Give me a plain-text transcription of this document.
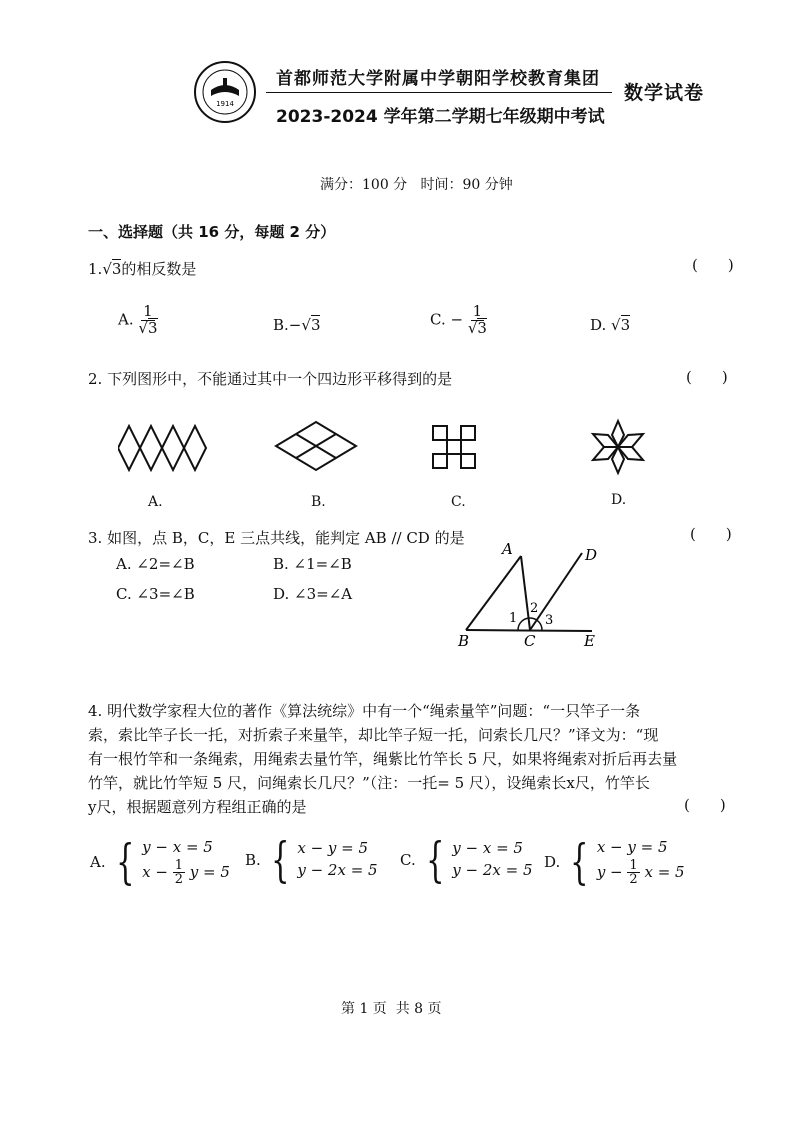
1914
首都师范大学附属中学朝阳学校教育集团
数学试卷
2023-2024 学年第二学期七年级期中考试
满分：100 分   时间：90 分钟
一、选择题（共 16 分，每题 2 分）
1.√3的相反数是	(　　)
A. $\frac{1}{√3}$	B.−√3	C. − $\frac{1}{√3}$	D. √3
2. 下列图形中，不能通过其中一个四边形平移得到的是	(　　)
A.	B.	C.	D.
3. 如图，点 B，C，E 三点共线，能判定 AB // CD 的是	(　　)
A. ∠2=∠B	B. ∠1=∠B
C. ∠3=∠B	D. ∠3=∠A
A
B	C
D
E
1
2
3
4. 明代数学家程大位的著作《算法统综》中有一个“绳索量竿”问题：“一只竿子一条
索，索比竿子长一托，对折索子来量竿，却比竿子短一托，问索长几尺？”译文为：“现
有一根竹竿和一条绳索，用绳索去量竹竿，绳紫比竹竿长 5 尺，如果将绳索对折后再去量
竹竿，就比竹竿短 5 尺，问绳索长几尺？”（注：一托= 5 尺），设绳索长x尺，竹竿长
y尺，根据题意列方程组正确的是	(　　)
A. { y − x = 5
$x - \frac{1}{2}$ y = 5
B. { x − y = 5
y − 2x = 5
C. { y − x = 5
y − 2x = 5 D. { x − y = 5
$y - \frac{1}{2}$ x = 5
第 1 页  共 8 页
